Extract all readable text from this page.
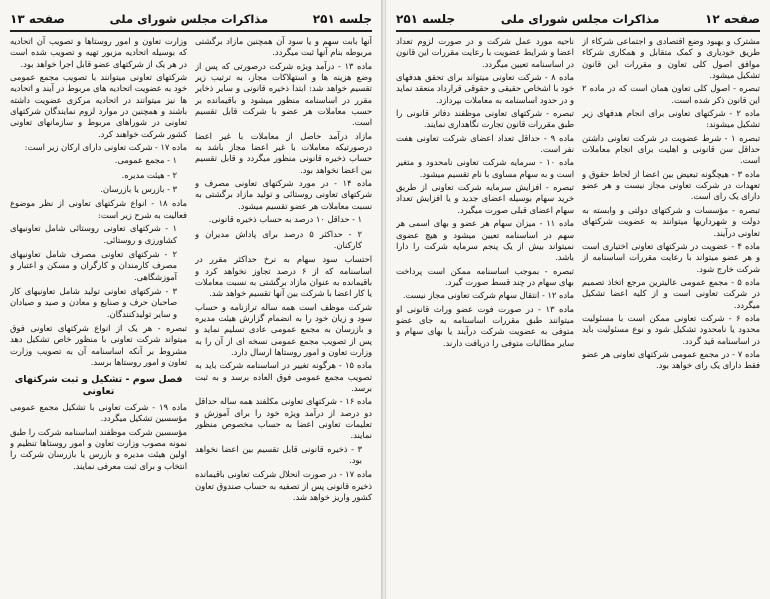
جلسه ۲۵۱
مذاکرات مجلس شورای ملی
صفحه ۱۳

آنها بابت سهم و یا سود آن همچنین مازاد برگشتی مربوطه بنام آنها ثبت میگردد.

ماده ۱۳ - درآمد ویژه شرکت درصورتی که پس از وضع هزینه ها و استهلاکات مجاز، به ترتیب زیر تقسیم خواهد شد: ابتدا ذخیره قانونی و سایر ذخایر مقرر در اساسنامه منظور میشود و باقیمانده بر حسب معاملات هر عضو با شرکت قابل تقسیم است.

مازاد درآمد حاصل از معاملات با غیر اعضا درصورتیکه معاملات با غیر اعضا مجاز باشد به حساب ذخیره قانونی منظور میگردد و قابل تقسیم بین اعضا نخواهد بود.

ماده ۱۴ - در مورد شرکتهای تعاونی مصرف و شرکتهای تعاونی روستائی و تولید مازاد برگشتی به نسبت معاملات هر عضو تقسیم میشود.

۱ - حداقل ۱۰ درصد به حساب ذخیره قانونی.

۲ - حداکثر ۵ درصد برای پاداش مدیران و کارکنان.

احتساب سود سهام به نرخ حداکثر مقرر در اساسنامه که از ۶ درصد تجاوز نخواهد کرد و باقیمانده به عنوان مازاد برگشتی به نسبت معاملات یا کار اعضا با شرکت بین آنها تقسیم خواهد شد.

شرکت موظف است همه ساله ترازنامه و حساب سود و زیان خود را به انضمام گزارش هیئت مدیره و بازرسان به مجمع عمومی عادی تسلیم نماید و پس از تصویب مجمع عمومی نسخه ای از آن را به وزارت تعاون و امور روستاها ارسال دارد.

ماده ۱۵ - هرگونه تغییر در اساسنامه شرکت باید به تصویب مجمع عمومی فوق العاده برسد و به ثبت برسد.

ماده ۱۶ - شرکتهای تعاونی مکلفند همه ساله حداقل دو درصد از درآمد ویژه خود را برای آموزش و تعلیمات تعاونی اعضا به حساب مخصوص منظور نمایند.

۳ - ذخیره قانونی قابل تقسیم بین اعضا نخواهد بود.

ماده ۱۷ - در صورت انحلال شرکت تعاونی باقیمانده ذخیره قانونی پس از تصفیه به حساب صندوق تعاون کشور واریز خواهد شد.

وزارت تعاون و امور روستاها و تصویب آن اتحادیه که بوسیله اتحادیه مزبور تهیه و تصویب شده است در هر یک از شرکتهای عضو قابل اجرا خواهد بود.

شرکتهای تعاونی میتوانند با تصویب مجمع عمومی خود به عضویت اتحادیه های مربوط در آیند و اتحادیه ها نیز میتوانند در اتحادیه مرکزی عضویت داشته باشند و همچنین در موارد لزوم نمایندگان شرکتهای تعاونی در شوراهای مربوط و سازمانهای تعاونی کشور شرکت خواهند کرد.

ماده ۱۷ - شرکت تعاونی دارای ارکان زیر است:

۱ - مجمع عمومی.

۲ - هیئت مدیره.

۳ - بازرس یا بازرسان.

ماده ۱۸ - انواع شرکتهای تعاونی از نظر موضوع فعالیت به شرح زیر است:

۱ - شرکتهای تعاونی روستائی شامل تعاونیهای کشاورزی و روستائی.

۲ - شرکتهای تعاونی مصرف شامل تعاونیهای مصرف کارمندان و کارگران و مسکن و اعتبار و آموزشگاهی.

۳ - شرکتهای تعاونی تولید شامل تعاونیهای کار صاحبان حرف و صنایع و معادن و صید و صیادان و سایر تولیدکنندگان.

تبصره - هر یک از انواع شرکتهای تعاونی فوق میتواند شرکت تعاونی با منظور خاص تشکیل دهد مشروط بر آنکه اساسنامه آن به تصویب وزارت تعاون و امور روستاها برسد.

فصل سوم - تشکیل و ثبت شرکتهای تعاونی

ماده ۱۹ - شرکت تعاونی با تشکیل مجمع عمومی مؤسسین تشکیل میگردد.

مؤسسین شرکت موظفند اساسنامه شرکت را طبق نمونه مصوب وزارت تعاون و امور روستاها تنظیم و اولین هیئت مدیره و بازرس یا بازرسان شرکت را انتخاب و برای ثبت معرفی نمایند.

صفحه ۱۲
مذاکرات مجلس شورای ملی
جلسه ۲۵۱

مشترک و بهبود وضع اقتصادی و اجتماعی شرکاء از طریق خودیاری و کمک متقابل و همکاری شرکاء موافق اصول کلی تعاون و مقررات این قانون تشکیل میشود.

تبصره - اصول کلی تعاون همان است که در ماده ۲ این قانون ذکر شده است.

ماده ۲ - شرکتهای تعاونی برای انجام هدفهای زیر تشکیل میشوند:

تبصره ۱ - شرط عضویت در شرکت تعاونی داشتن حداقل سن قانونی و اهلیت برای انجام معاملات است.

ماده ۳ - هیچگونه تبعیض بین اعضا از لحاظ حقوق و تعهدات در شرکت تعاونی مجاز نیست و هر عضو دارای یک رای است.

تبصره - مؤسسات و شرکتهای دولتی و وابسته به دولت و شهرداریها میتوانند به عضویت شرکتهای تعاونی درآیند.

ماده ۴ - عضویت در شرکتهای تعاونی اختیاری است و هر عضو میتواند با رعایت مقررات اساسنامه از شرکت خارج شود.

ماده ۵ - مجمع عمومی عالیترین مرجع اتخاذ تصمیم در شرکت تعاونی است و از کلیه اعضا تشکیل میگردد.

ماده ۶ - شرکت تعاونی ممکن است با مسئولیت محدود یا نامحدود تشکیل شود و نوع مسئولیت باید در اساسنامه قید گردد.

ماده ۷ - در مجمع عمومی شرکتهای تعاونی هر عضو فقط دارای یک رای خواهد بود.

ناحیه مورد عمل شرکت و در صورت لزوم تعداد اعضا و شرایط عضویت با رعایت مقررات این قانون در اساسنامه تعیین میگردد.

ماده ۸ - شرکت تعاونی میتواند برای تحقق هدفهای خود با اشخاص حقیقی و حقوقی قرارداد منعقد نماید و در حدود اساسنامه به معاملات بپردازد.

تبصره - شرکتهای تعاونی موظفند دفاتر قانونی را طبق مقررات قانون تجارت نگاهداری نمایند.

ماده ۹ - حداقل تعداد اعضای شرکت تعاونی هفت نفر است.

ماده ۱۰ - سرمایه شرکت تعاونی نامحدود و متغیر است و به سهام مساوی با نام تقسیم میشود.

تبصره - افزایش سرمایه شرکت تعاونی از طریق خرید سهام بوسیله اعضای جدید و یا افزایش تعداد سهام اعضای قبلی صورت میگیرد.

ماده ۱۱ - میزان سهام هر عضو و بهای اسمی هر سهم در اساسنامه تعیین میشود و هیچ عضوی نمیتواند بیش از یک پنجم سرمایه شرکت را دارا باشد.

تبصره - بموجب اساسنامه ممکن است پرداخت بهای سهام در چند قسط صورت گیرد.

ماده ۱۲ - انتقال سهام شرکت تعاونی مجاز نیست.

ماده ۱۳ - در صورت فوت عضو وراث قانونی او میتوانند طبق مقررات اساسنامه به جای عضو متوفی به عضویت شرکت درآیند یا بهای سهام و سایر مطالبات متوفی را دریافت دارند.
